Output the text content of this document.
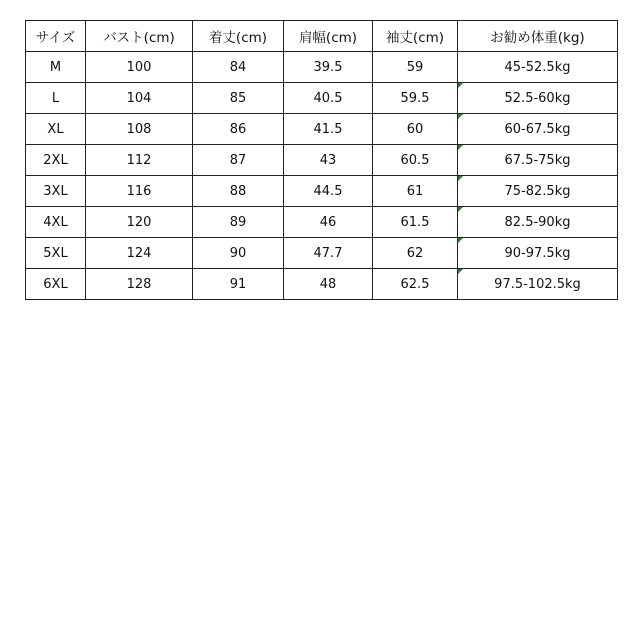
サイズ	バスト(cm)	着丈(cm)	肩幅(cm)	袖丈(cm)	お勧め体重(kg)
M	100	84	39.5	59	45-52.5kg
L	104	85	40.5	59.5	52.5-60kg

XL	108	86	41.5	60	60-67.5kg

2XL	112	87	43	60.5	67.5-75kg

3XL	116	88	44.5	61	75-82.5kg

4XL	120	89	46	61.5	82.5-90kg

5XL	124	90	47.7	62	90-97.5kg

6XL	128	91	48	62.5	97.5-102.5kg
